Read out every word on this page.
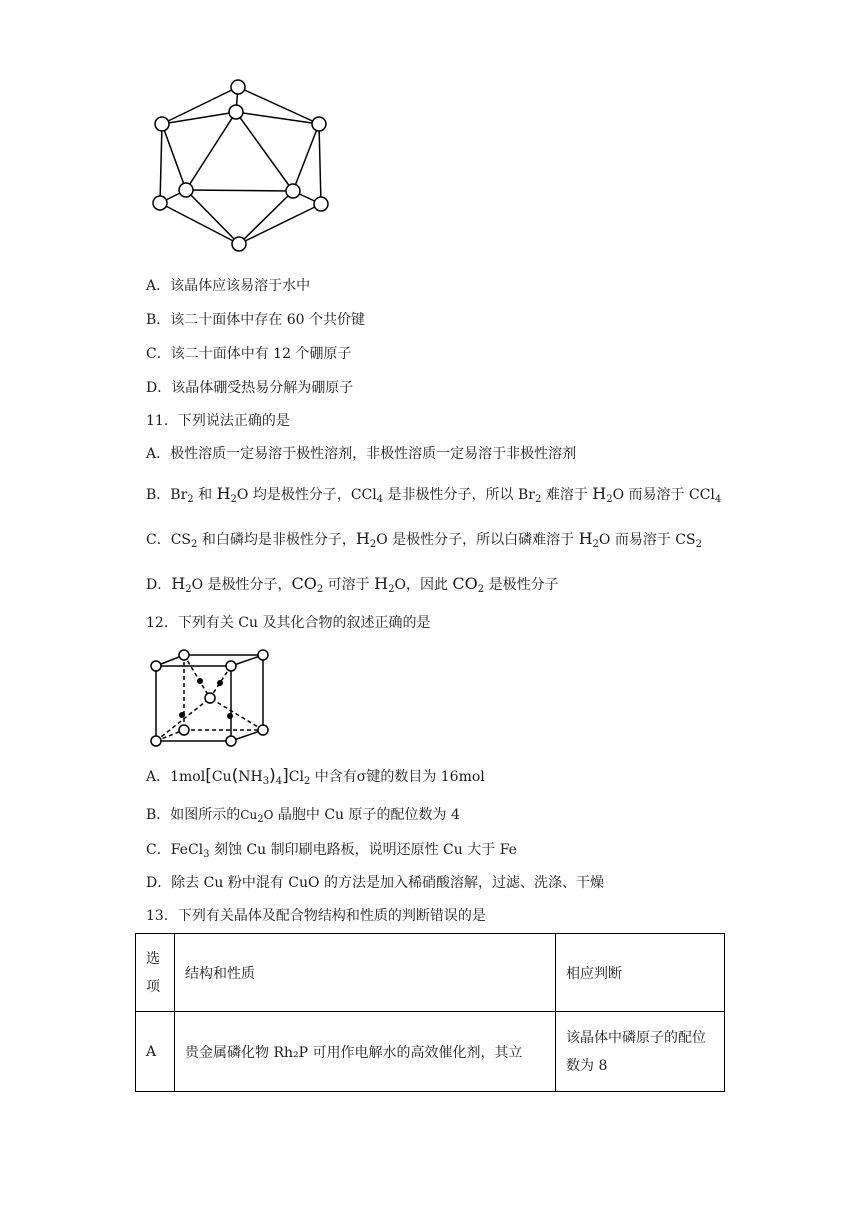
A．该晶体应该易溶于水中
B．该二十面体中存在 60 个共价键
C．该二十面体中有 12 个硼原子
D．该晶体硼受热易分解为硼原子
11．下列说法正确的是
A．极性溶质一定易溶于极性溶剂，非极性溶质一定易溶于非极性溶剂
B．$Br_2$ 和 $H_2O$ 均是极性分子，CCl$_4$ 是非极性分子，所以 $Br_2$ 难溶于 $H_2O$ 而易溶于 CCl$_4$
C．$CS_2$ 和白磷均是非极性分子，$H_2O$ 是极性分子，所以白磷难溶于 $H_2O$ 而易溶于 $CS_2$
D．$H_2O$ 是极性分子，$CO_2$ 可溶于 $H_2O$，因此 $CO_2$ 是极性分子
12．下列有关 Cu 及其化合物的叙述正确的是
A．$1mol[Cu(NH_3)_4]Cl_2$ 中含有σ键的数目为 16mol
B．如图所示的$Cu_2O$ 晶胞中 Cu 原子的配位数为 4
C．FeCl$_3$ 刻蚀 Cu 制印刷电路板，说明还原性 Cu 大于 Fe
D．除去 Cu 粉中混有 CuO 的方法是加入稀硝酸溶解，过滤、洗涤、干燥
13．下列有关晶体及配合物结构和性质的判断错误的是
选
项	结构和性质	相应判断
A	贵金属磷化物 Rh₂P 可用作电解水的高效催化剂，其立	该晶体中磷原子的配位
数为 8
